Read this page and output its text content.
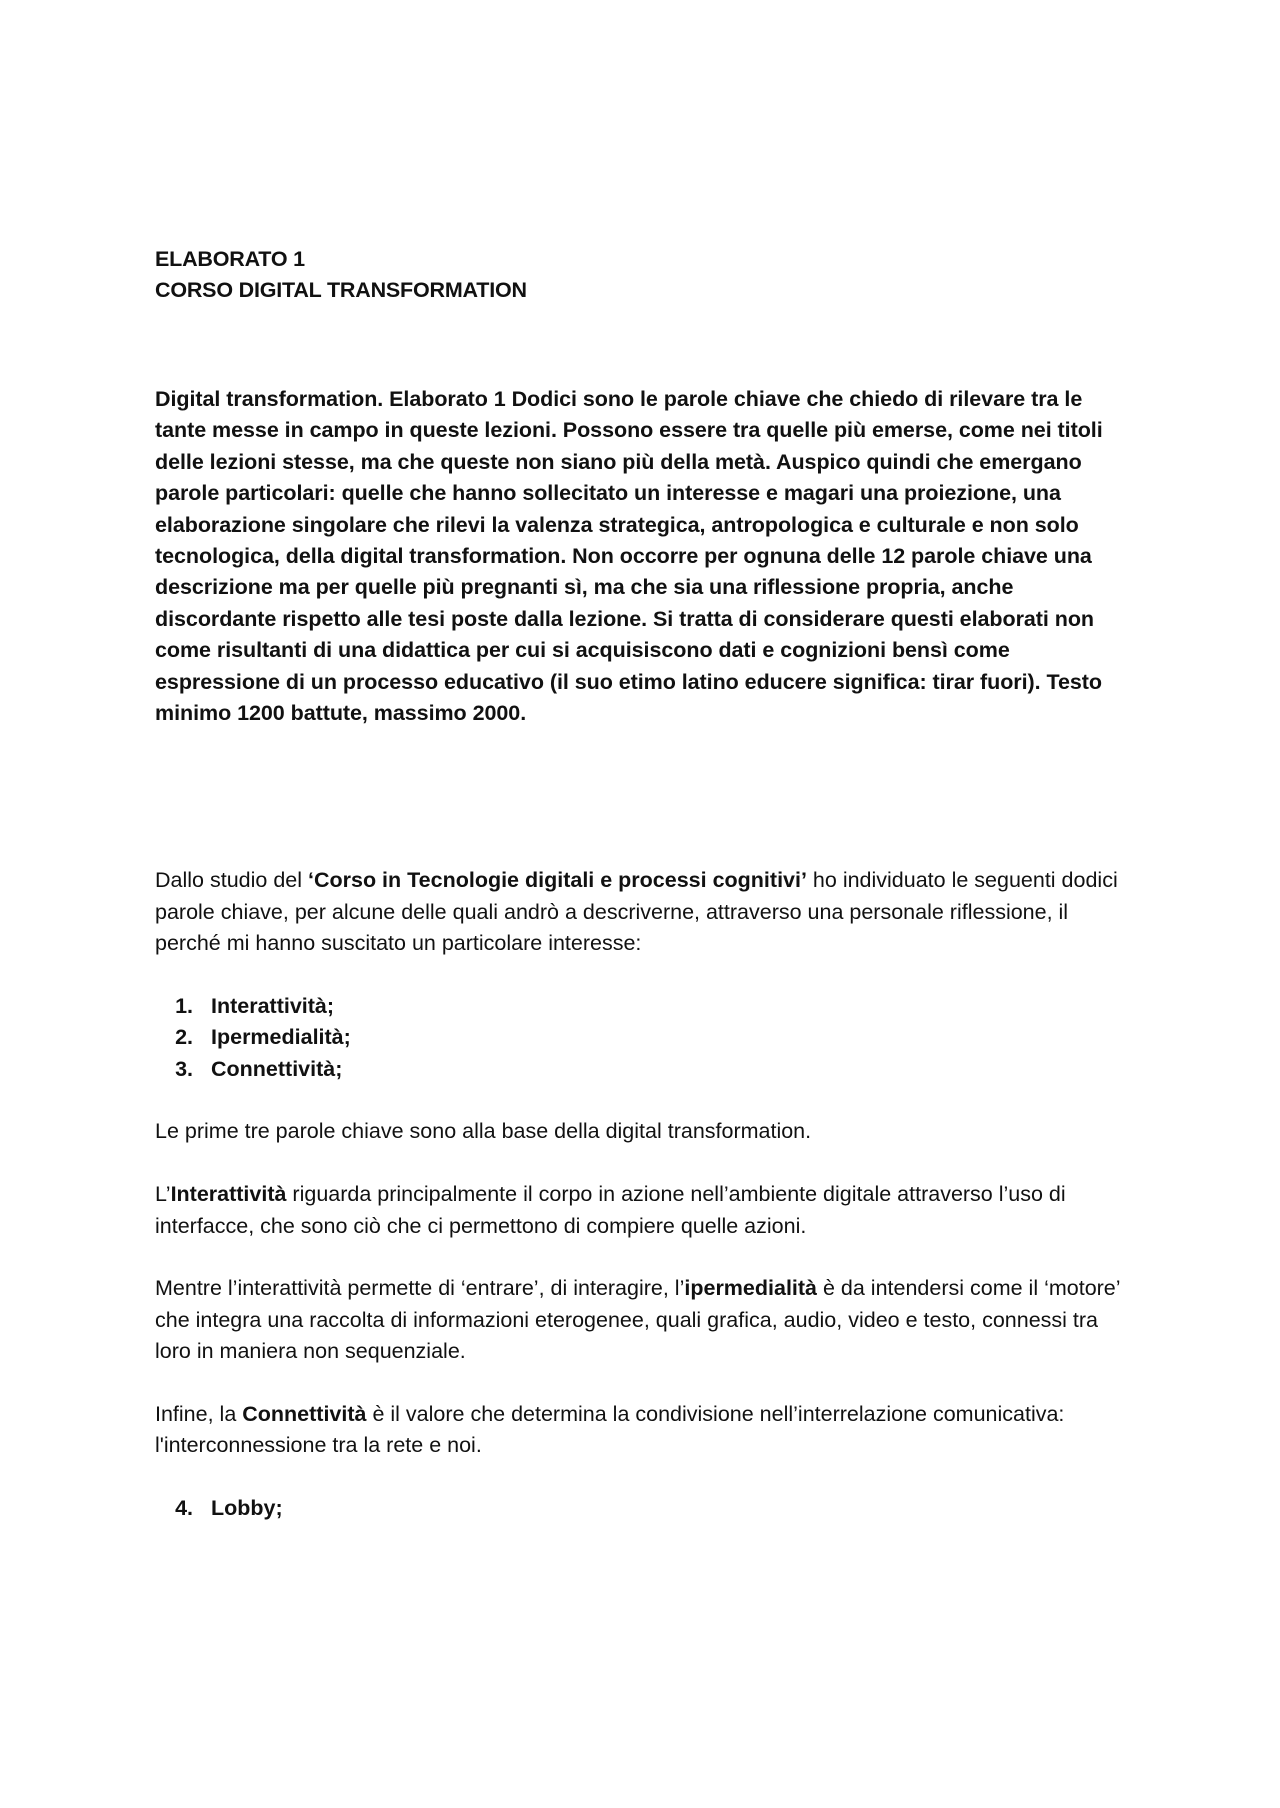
ELABORATO 1
CORSO DIGITAL TRANSFORMATION
Digital transformation. Elaborato 1 Dodici sono le parole chiave che chiedo di rilevare tra le tante messe in campo in queste lezioni. Possono essere tra quelle più emerse, come nei titoli delle lezioni stesse, ma che queste non siano più della metà. Auspico quindi che emergano parole particolari: quelle che hanno sollecitato un interesse e magari una proiezione, una elaborazione singolare che rilevi la valenza strategica, antropologica e culturale e non solo tecnologica, della digital transformation. Non occorre per ognuna delle 12 parole chiave una descrizione ma per quelle più pregnanti sì, ma che sia una riflessione propria, anche discordante rispetto alle tesi poste dalla lezione. Si tratta di considerare questi elaborati non come risultanti di una didattica per cui si acquisiscono dati e cognizioni bensì come espressione di un processo educativo (il suo etimo latino educere significa: tirar fuori). Testo minimo 1200 battute, massimo 2000.
Dallo studio del ‘Corso in Tecnologie digitali e processi cognitivi’ ho individuato le seguenti dodici parole chiave, per alcune delle quali andrò a descriverne, attraverso una personale riflessione, il perché mi hanno suscitato un particolare interesse:
1. Interattività;
2. Ipermedialità;
3. Connettività;
Le prime tre parole chiave sono alla base della digital transformation.
L’Interattività riguarda principalmente il corpo in azione nell’ambiente digitale attraverso l’uso di interfacce, che sono ciò che ci permettono di compiere quelle azioni.
Mentre l’interattività permette di ‘entrare’, di interagire, l’ipermedialità è da intendersi come il ‘motore’ che integra una raccolta di informazioni eterogenee, quali grafica, audio, video e testo, connessi tra loro in maniera non sequenziale.
Infine, la Connettività è il valore che determina la condivisione nell’interrelazione comunicativa: l'interconnessione tra la rete e noi.
4. Lobby;
